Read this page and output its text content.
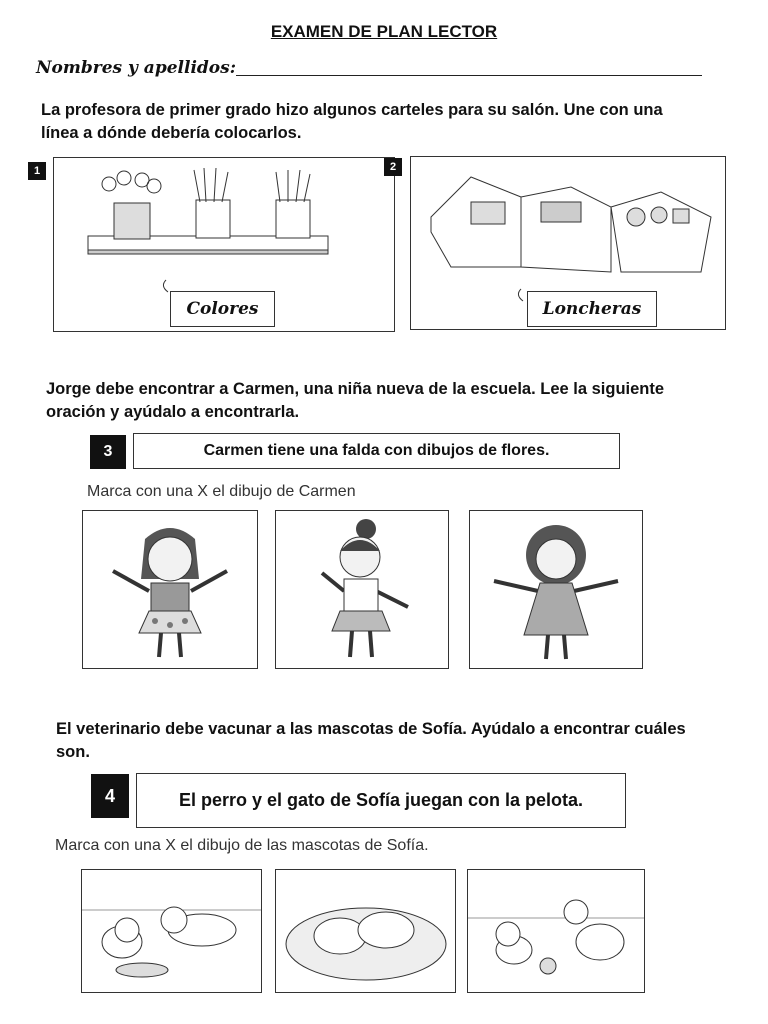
EXAMEN DE PLAN LECTOR
Nombres y apellidos:
La profesora de primer grado hizo algunos carteles para su salón. Une con una línea a dónde debería colocarlos.
1
Colores
2
Loncheras
Jorge debe encontrar a Carmen, una niña nueva de la escuela. Lee la siguiente oración y ayúdalo a encontrarla.
3	Carmen tiene una falda con dibujos de flores.
Marca con una X el dibujo de Carmen
El veterinario debe vacunar a las mascotas de Sofía. Ayúdalo a encontrar cuáles son.
4	El perro y el gato de Sofía juegan con la pelota.
Marca con una X el dibujo de las mascotas de Sofía.
